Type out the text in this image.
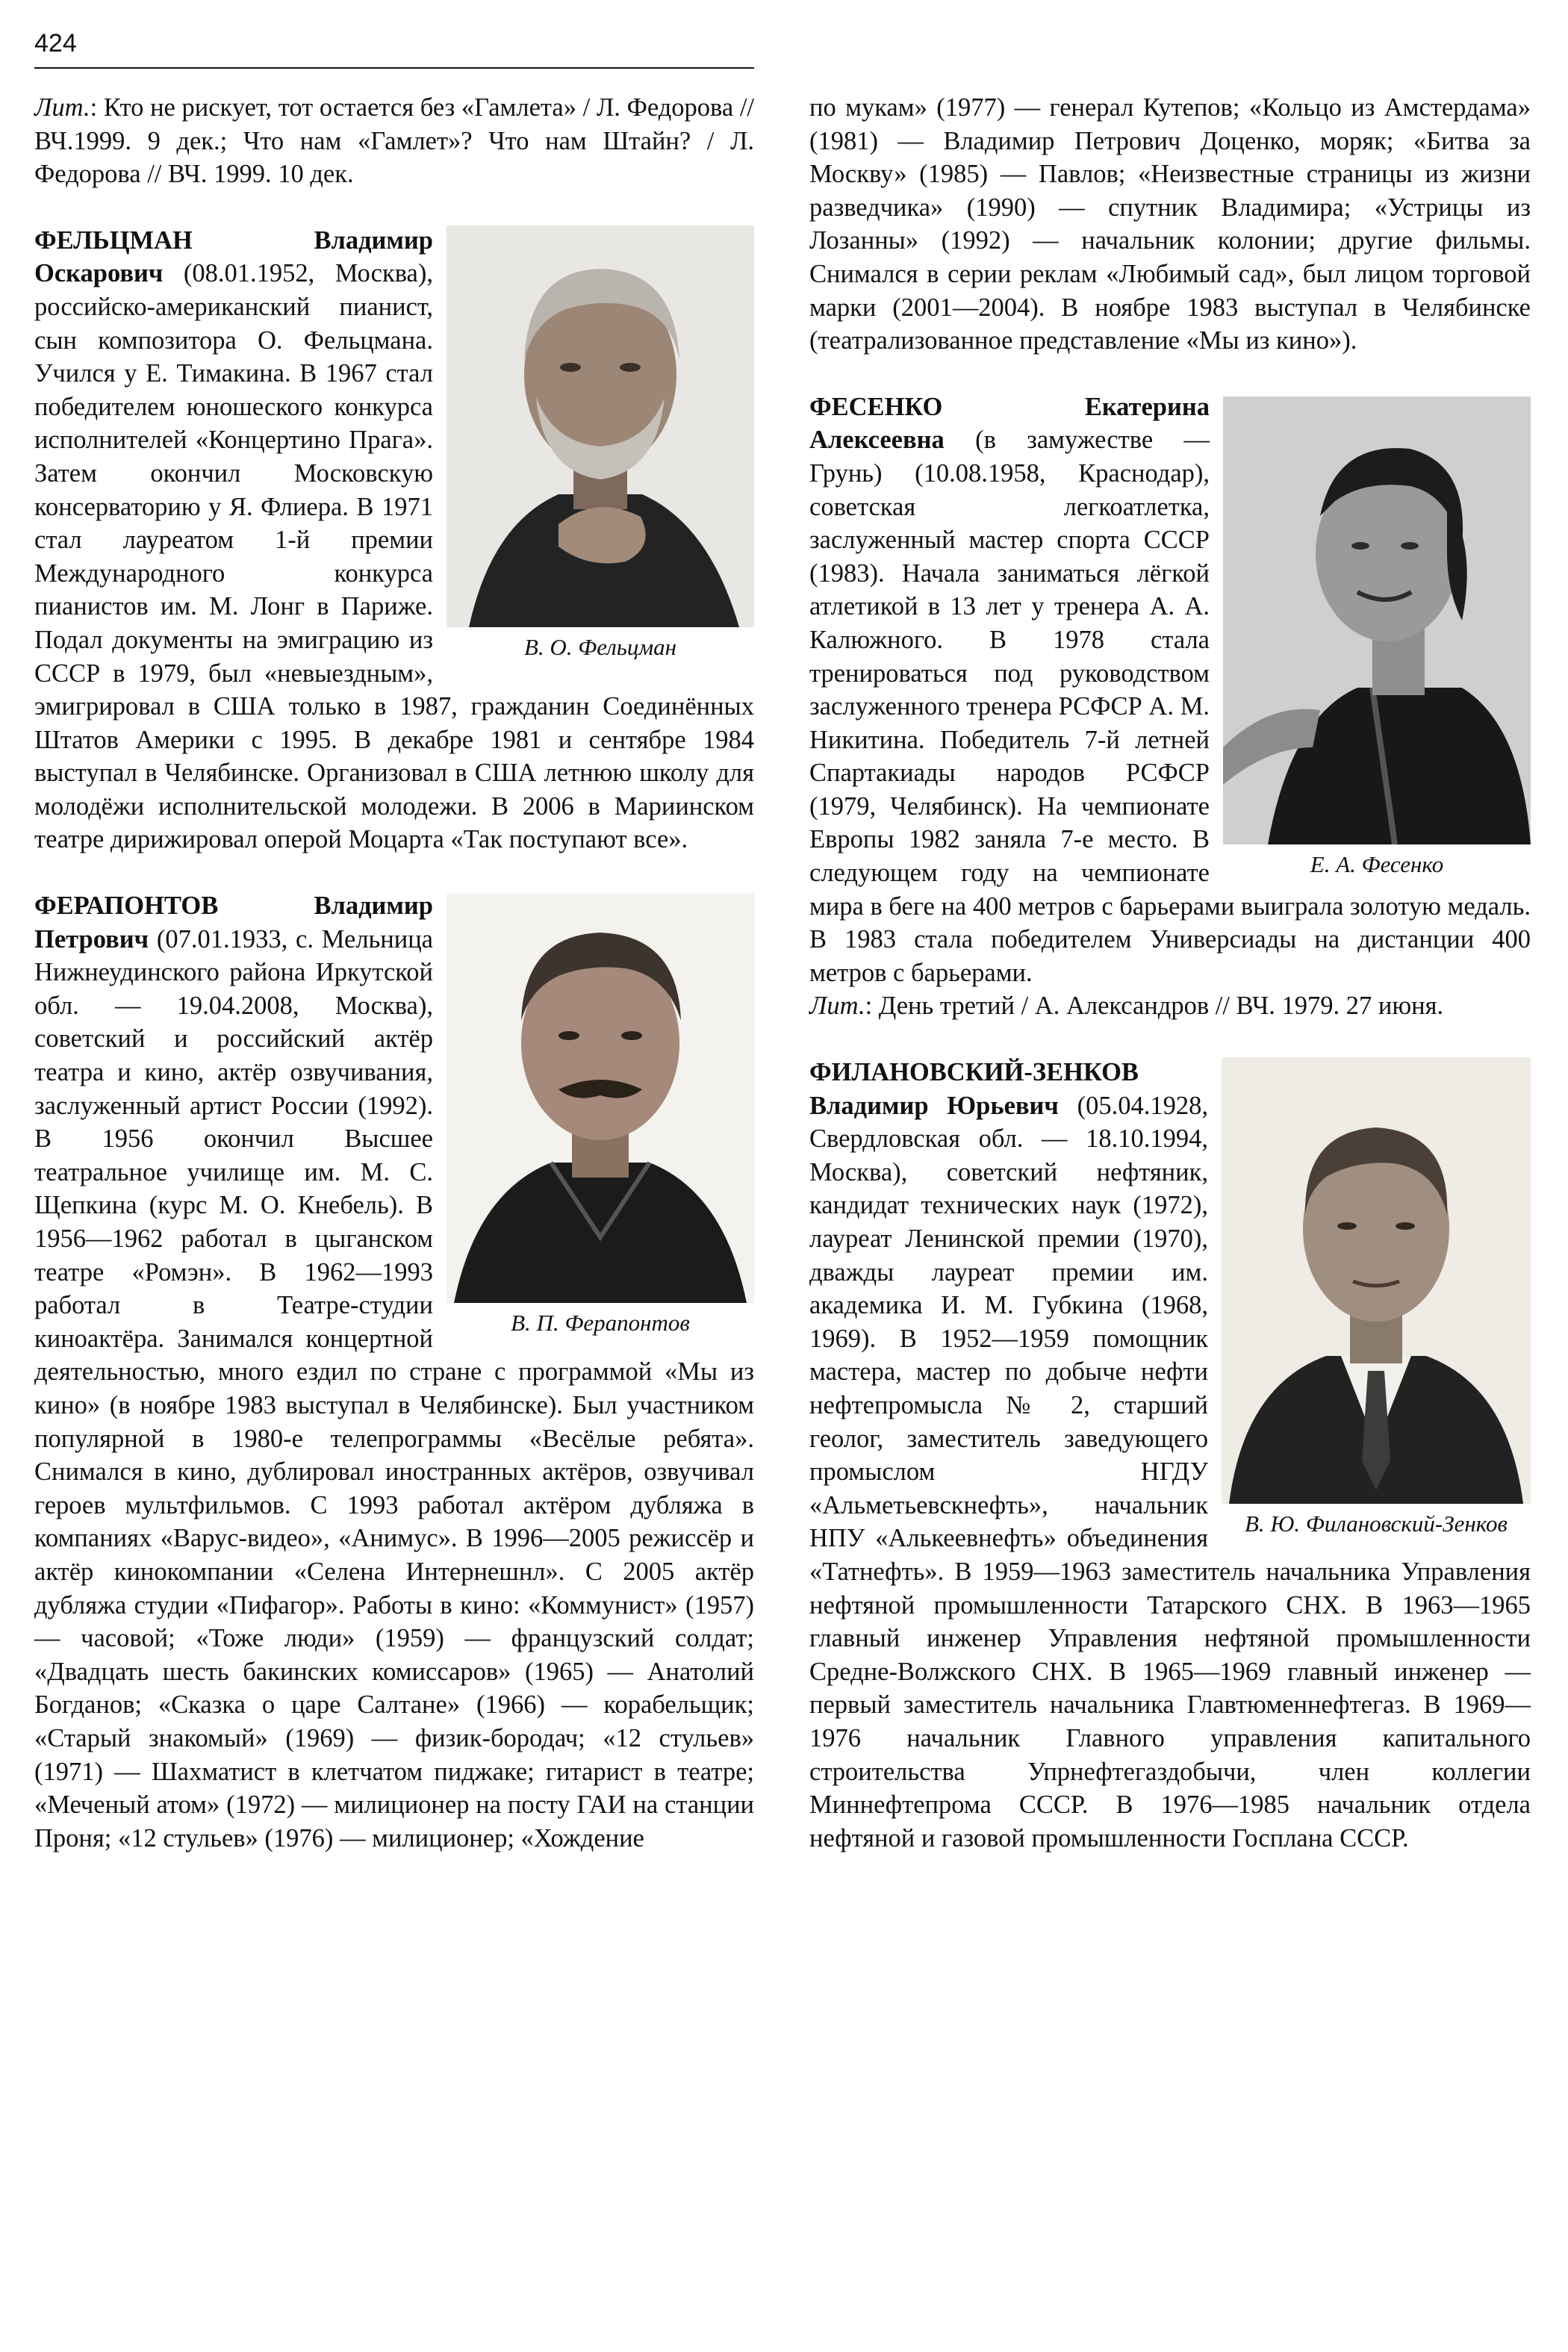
424

Лит.: Кто не рискует, тот остается без «Гамлета» / Л. Федорова // ВЧ.1999. 9 дек.; Что нам «Гамлет»? Что нам Штайн? / Л. Федорова // ВЧ. 1999. 10 дек.

В. О. Фельцман

ФЕЛЬЦМАН Владимир Оскарович (08.01.1952, Москва), российско-американский пианист, сын композитора О. Фельцмана. Учился у Е. Тимакина. В 1967 стал победителем юношеского конкурса исполнителей «Концертино Прага». Затем окончил Московскую консерваторию у Я. Флиера. В 1971 стал лауреатом 1-й премии Международного конкурса пианистов им. М. Лонг в Париже. Подал документы на эмиграцию из СССР в 1979, был «невыездным», эмигрировал в США только в 1987, гражданин Соединённых Штатов Америки с 1995. В декабре 1981 и сентябре 1984 выступал в Челябинске. Организовал в США летнюю школу для молодёжи исполнительской молодежи. В 2006 в Мариинском театре дирижировал оперой Моцарта «Так поступают все».

В. П. Ферапонтов

ФЕРАПОНТОВ Владимир Петрович (07.01.1933, с. Мельница Нижнеудинского района Иркутской обл. — 19.04.2008, Москва), советский и российский актёр театра и кино, актёр озвучивания, заслуженный артист России (1992). В 1956 окончил Высшее театральное училище им. М. С. Щепкина (курс М. О. Кнебель). В 1956—1962 работал в цыганском театре «Ромэн». В 1962—1993 работал в Театре-студии киноактёра. Занимался концертной деятельностью, много ездил по стране с программой «Мы из кино» (в ноябре 1983 выступал в Челябинске). Был участником популярной в 1980-е телепрограммы «Весёлые ребята». Снимался в кино, дублировал иностранных актёров, озвучивал героев мультфильмов. С 1993 работал актёром дубляжа в компаниях «Варус-видео», «Анимус». В 1996—2005 режиссёр и актёр кинокомпании «Селена Интернешнл». С 2005 актёр дубляжа студии «Пифагор». Работы в кино: «Коммунист» (1957) — часовой; «Тоже люди» (1959) — французский солдат; «Двадцать шесть бакинских комиссаров» (1965) — Анатолий Богданов; «Сказка о царе Салтане» (1966) — корабельщик; «Старый знакомый» (1969) — физик-бородач; «12 стульев» (1971) — Шахматист в клетчатом пиджаке; гитарист в театре; «Меченый атом» (1972) — милиционер на посту ГАИ на станции Проня; «12 стульев» (1976) — милиционер; «Хождение

по мукам» (1977) — генерал Кутепов; «Кольцо из Амстердама» (1981) — Владимир Петрович Доценко, моряк; «Битва за Москву» (1985) — Павлов; «Неизвестные страницы из жизни разведчика» (1990) — спутник Владимира; «Устрицы из Лозанны» (1992) — начальник колонии; другие фильмы. Снимался в серии реклам «Любимый сад», был лицом торговой марки (2001—2004). В ноябре 1983 выступал в Челябинске (театрализованное представление «Мы из кино»).

Е. А. Фесенко

ФЕСЕНКО Екатерина Алексеевна (в замужестве — Грунь) (10.08.1958, Краснодар), советская легкоатлетка, заслуженный мастер спорта СССР (1983). Начала заниматься лёгкой атлетикой в 13 лет у тренера А. А. Калюжного. В 1978 стала тренироваться под руководством заслуженного тренера РСФСР А. М. Никитина. Победитель 7-й летней Спартакиады народов РСФСР (1979, Челябинск). На чемпионате Европы 1982 заняла 7-е место. В следующем году на чемпионате мира в беге на 400 метров с барьерами выиграла золотую медаль. В 1983 стала победителем Универсиады на дистанции 400 метров с барьерами.

Лит.: День третий / А. Александров // ВЧ. 1979. 27 июня.

В. Ю. Филановский-Зенков

ФИЛАНОВСКИЙ-ЗЕНКОВ Владимир Юрьевич (05.04.1928, Свердловская обл. — 18.10.1994, Москва), советский нефтяник, кандидат технических наук (1972), лауреат Ленинской премии (1970), дважды лауреат премии им. академика И. М. Губкина (1968, 1969). В 1952—1959 помощник мастера, мастер по добыче нефти нефтепромысла № 2, старший геолог, заместитель заведующего промыслом НГДУ «Альметьевскнефть», начальник НПУ «Алькеевнефть» объединения «Татнефть». В 1959—1963 заместитель начальника Управления нефтяной промышленности Татарского СНХ. В 1963—1965 главный инженер Управления нефтяной промышленности Средне-Волжского СНХ. В 1965—1969 главный инженер — первый заместитель начальника Главтюменнефтегаз. В 1969—1976 начальник Главного управления капитального строительства Упрнефтегаздобычи, член коллегии Миннефтепрома СССР. В 1976—1985 начальник отдела нефтяной и газовой промышленности Госплана СССР.
